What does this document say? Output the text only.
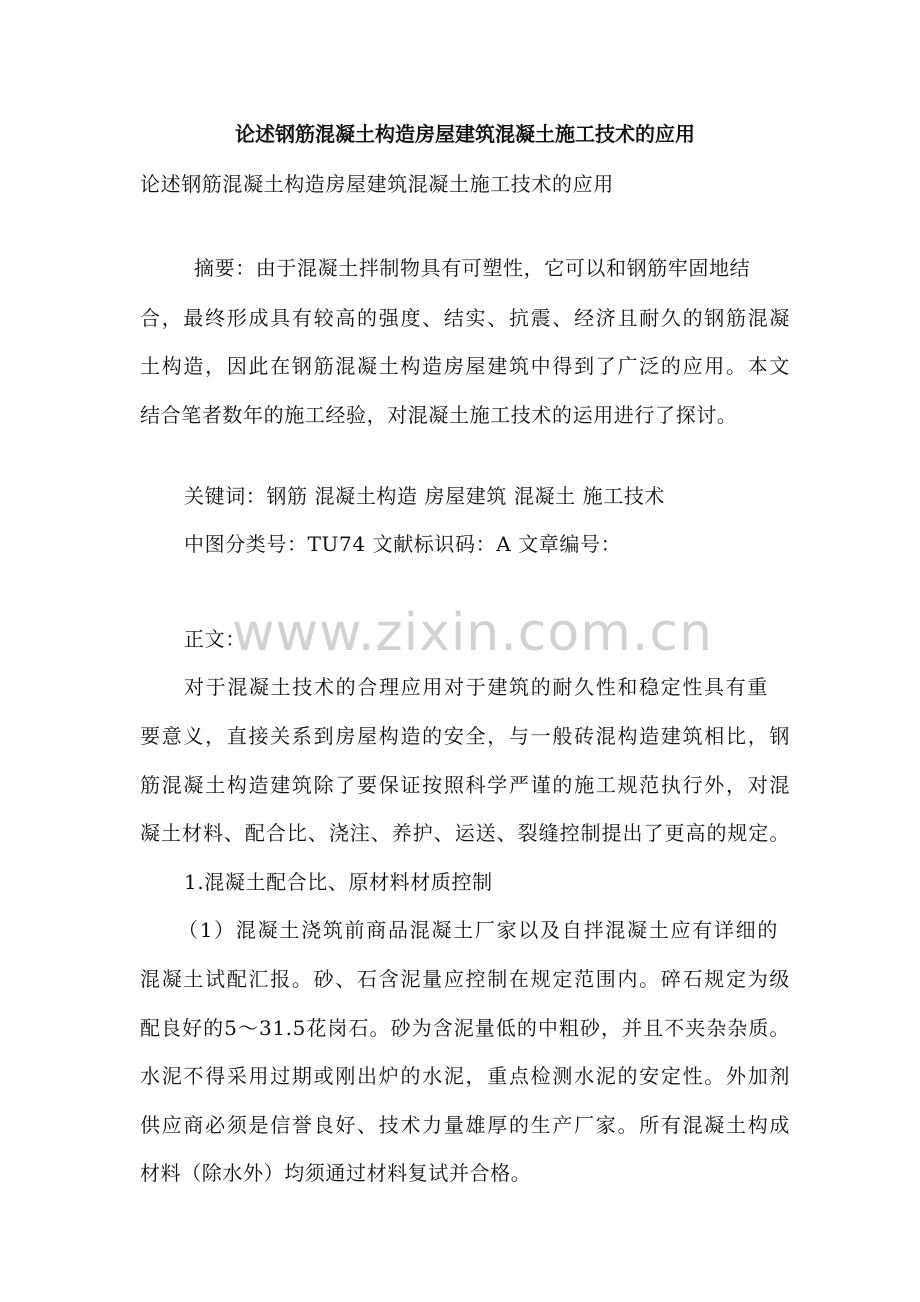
www.zixin.com.cn
论述钢筋混凝土构造房屋建筑混凝土施工技术的应用
论述钢筋混凝土构造房屋建筑混凝土施工技术的应用
摘要：由于混凝土拌制物具有可塑性，它可以和钢筋牢固地结
合，最终形成具有较高的强度、结实、抗震、经济且耐久的钢筋混凝
土构造，因此在钢筋混凝土构造房屋建筑中得到了广泛的应用。本文
结合笔者数年的施工经验，对混凝土施工技术的运用进行了探讨。
关键词：钢筋 混凝土构造 房屋建筑 混凝土 施工技术
中图分类号：TU74 文献标识码：A 文章编号：
正文：
对于混凝土技术的合理应用对于建筑的耐久性和稳定性具有重
要意义，直接关系到房屋构造的安全，与一般砖混构造建筑相比，钢
筋混凝土构造建筑除了要保证按照科学严谨的施工规范执行外，对混
凝土材料、配合比、浇注、养护、运送、裂缝控制提出了更高的规定。
1.混凝土配合比、原材料材质控制
（1）混凝土浇筑前商品混凝土厂家以及自拌混凝土应有详细的
混凝土试配汇报。砂、石含泥量应控制在规定范围内。碎石规定为级
配良好的5～31.5花岗石。砂为含泥量低的中粗砂，并且不夹杂杂质。
水泥不得采用过期或刚出炉的水泥，重点检测水泥的安定性。外加剂
供应商必须是信誉良好、技术力量雄厚的生产厂家。所有混凝土构成
材料（除水外）均须通过材料复试并合格。
